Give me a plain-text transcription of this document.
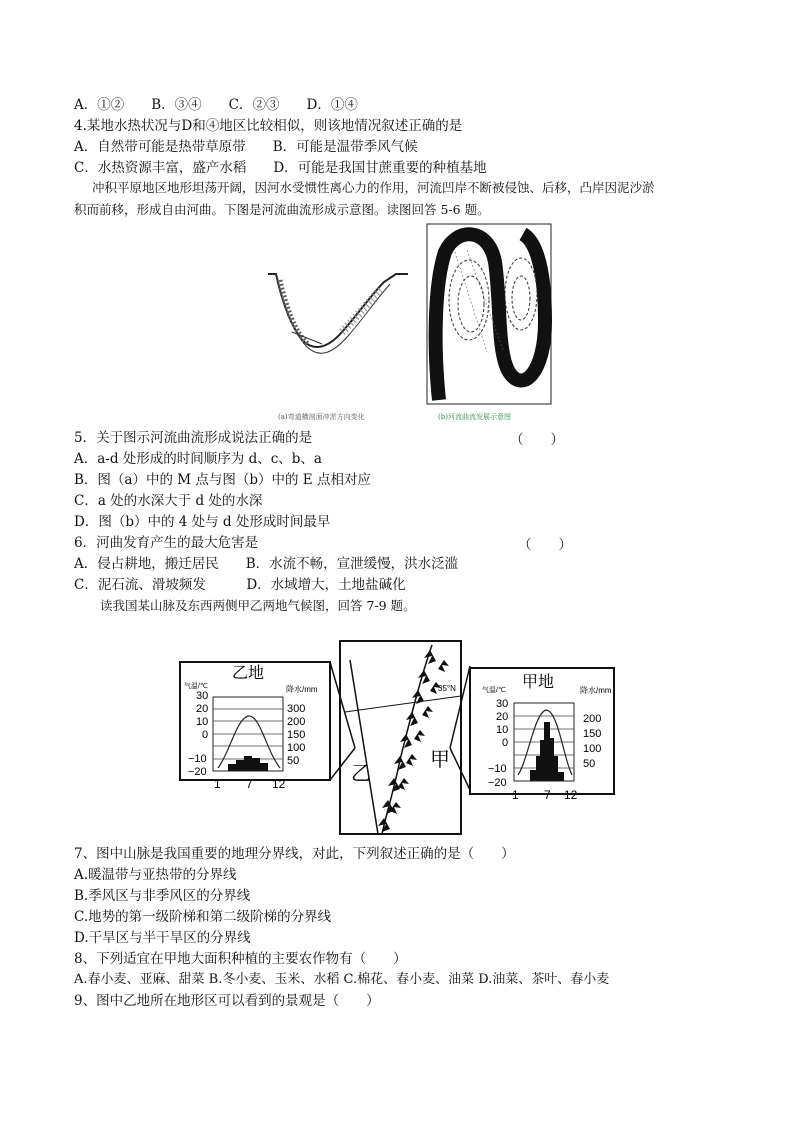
A．①②　　B．③④　　C．②③　　D．①④
4.某地水热状况与D和④地区比较相似，则该地情况叙述正确的是
A．自然带可能是热带草原带　　B．可能是温带季风气候
C．水热资源丰富，盛产水稻　　D．可能是我国甘蔗重要的种植基地
冲积平原地区地形坦荡开阔，因河水受惯性离心力的作用，河流凹岸不断被侵蚀、后移，凸岸因泥沙淤
积而前移，形成自由河曲。下图是河流曲流形成示意图。读图回答 5-6 题。
(a)弯道横剖面冲淤方向变化	(b)河流曲流发展示意图
5．关于图示河流曲流形成说法正确的是	（　　）
A．a-d 处形成的时间顺序为 d、c、b、a
B．图（a）中的 M 点与图（b）中的 E 点相对应
C．a 处的水深大于 d 处的水深
D．图（b）中的 4 处与 d 处形成时间最早
6．河曲发育产生的最大危害是	（　　）
A．侵占耕地，搬迁居民　　B．水流不畅，宣泄缓慢，洪水泛滥
C．泥石流、滑坡频发　　　D．水域增大，土地盐碱化
读我国某山脉及东西两侧甲乙两地气候图，回答 7-9 题。
乙地
气温/℃	降水/mm
30
20
10
0
−10
−20
300
200
150
100
50
1 7 12
35°N
乙
甲
甲地
气温/℃	降水/mm
30
20
10
0
−10
−20
200
150
100
50
1 7 12
7、图中山脉是我国重要的地理分界线，对此，下列叙述正确的是（　　）
A.暖温带与亚热带的分界线
B.季风区与非季风区的分界线
C.地势的第一级阶梯和第二级阶梯的分界线
D.干旱区与半干旱区的分界线
8、下列适宜在甲地大面积种植的主要农作物有（　　）
A.春小麦、亚麻、甜菜 B.冬小麦、玉米、水稻 C.棉花、春小麦、油菜 D.油菜、茶叶、春小麦
9、图中乙地所在地形区可以看到的景观是（　　）
